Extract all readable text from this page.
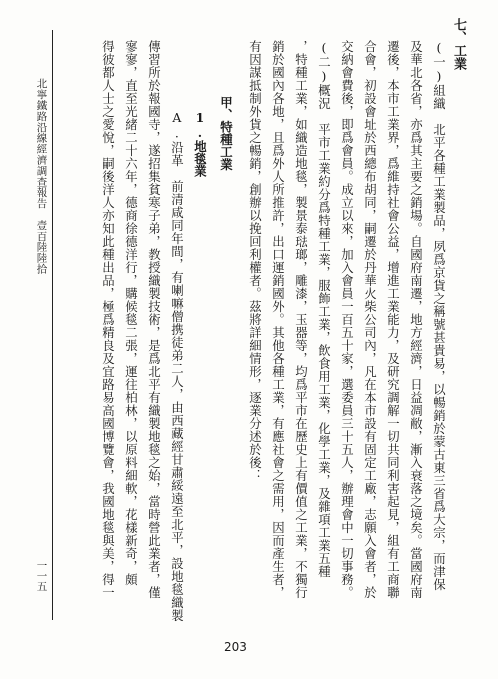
七、工業
(一)組織　北平各種工業製品，夙爲京貨之稱號甚貴易，以暢銷於蒙古東三省爲大宗，而津保
及華北各省，亦爲其主要之銷場。自國府南遷，地方經濟，日益凋敝，漸入衰落之境矣。當國府南
遷後，本市工業界，爲維持社會公益，增進工業能力，及研究調解一切共同利害起見，組有工商聯
合會，初設會址於西總布胡同，嗣遷於丹華火柴公司內，凡在本市設有固定工廠，志願入會者，於
交納會費後，即爲會員。成立以來，加入會員一百五十家，選委員三十五人，辦理會中一切事務。
(二)概況　平市工業約分爲特種工業，服飾工業，飲食用工業，化學工業，及雜項工業五種
，特種工業，如織造地毯，製景泰琺瑯，雕漆，玉器等，均爲平市在歷史上有價值之工業，不獨行
銷於國內各地，且爲外人所推許，出口運銷國外。其他各種工業，有應社會之需用，因而產生者，
有因謀抵制外貨之暢銷，創辦以挽回利權者。茲將詳細情形，逐業分述於後：
甲、特種工業
1.地毯業
A.沿革　前清咸同年間，有喇嘛僧携徒弟二人，由西藏經甘肅綏遠至北平，設地毯織製
傳習所於報國寺，遂招集貧寒子弟，教授織製技術，是爲北平有織製地毯之始，當時營此業者，僅
寥寥，直至光緒二十六年，德商徐德洋行，購候毯二張，運往柏林，以原料細軟，花樣新奇，頗
得彼都人士之愛悅，嗣後洋人亦知此種出品，極爲精良及宜路易高國博覽會，我國地毯與美，得一
北寧鐵路沿線經濟調查報告　壹百陸陸拾
一一五
203
